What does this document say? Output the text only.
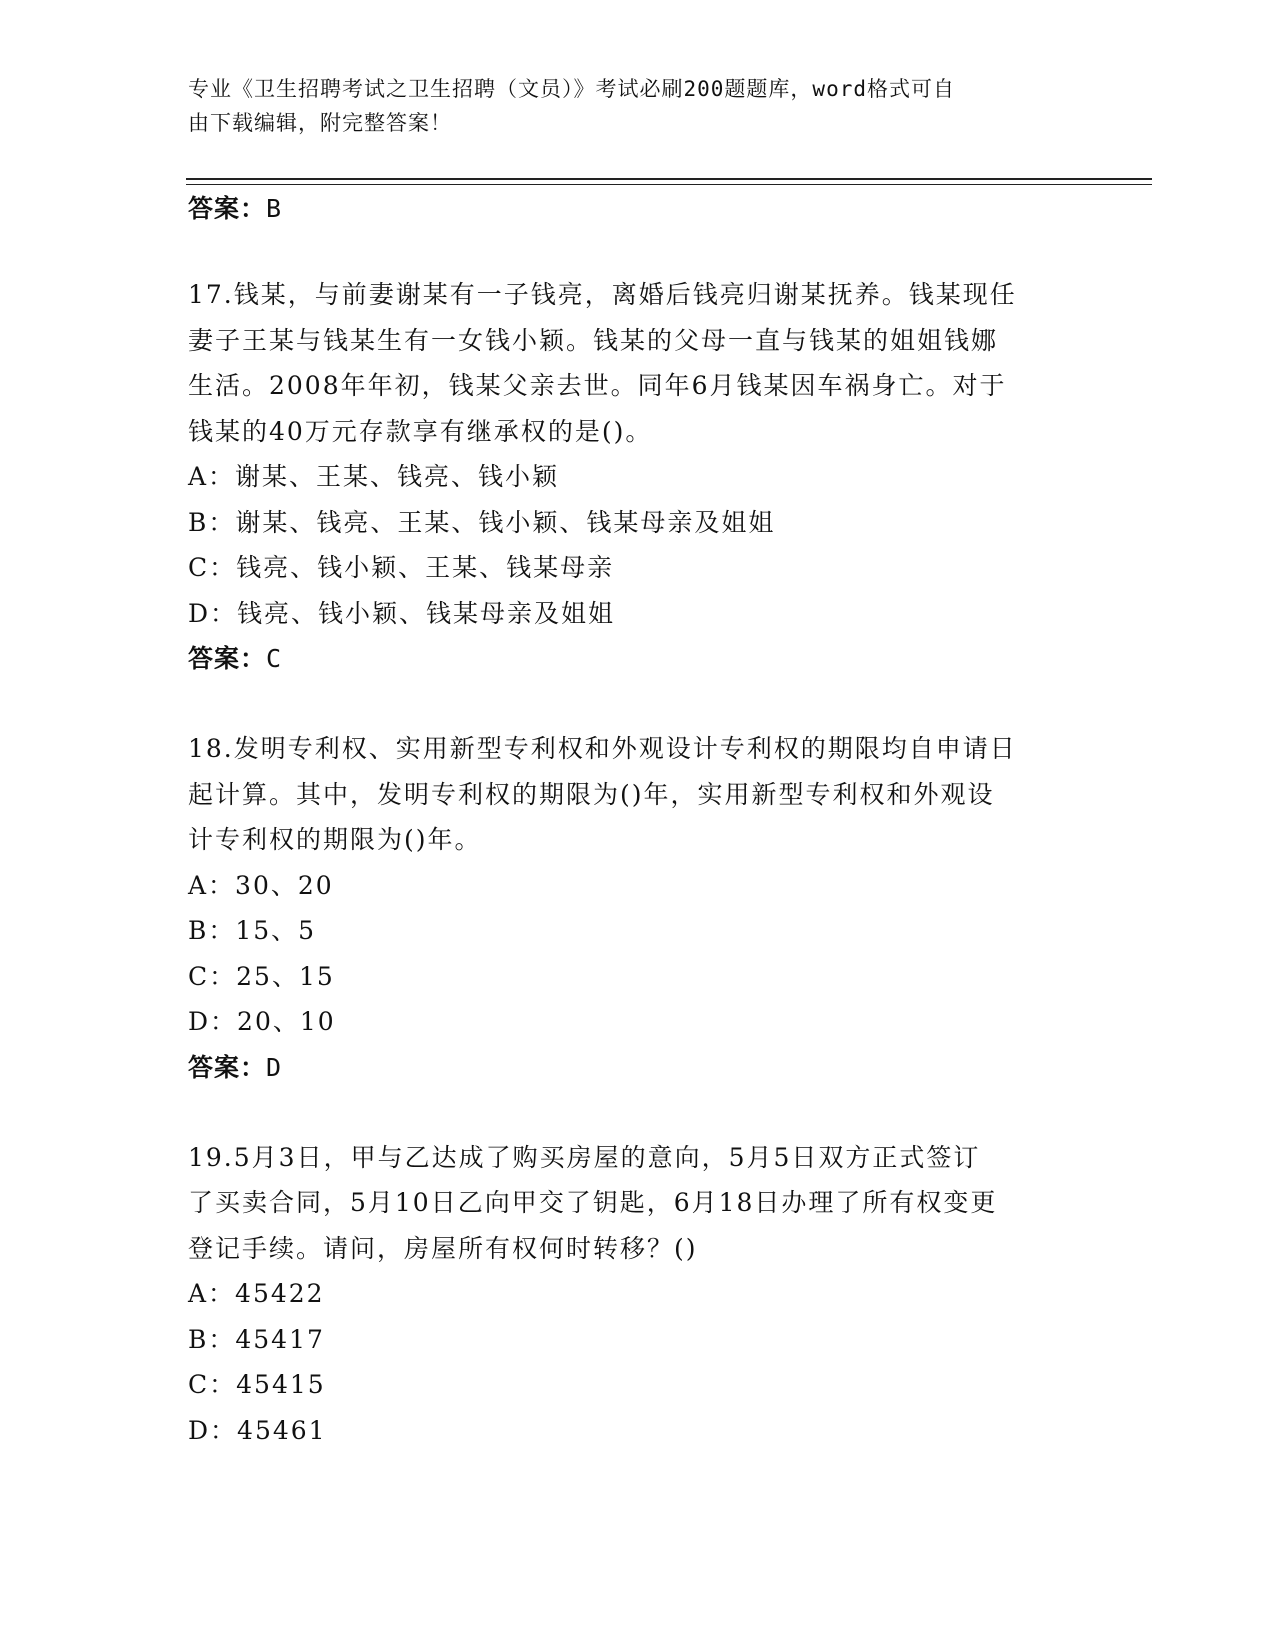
专业《卫生招聘考试之卫生招聘（文员）》考试必刷200题题库，word格式可自
由下载编辑，附完整答案！
答案：B
17.钱某，与前妻谢某有一子钱亮，离婚后钱亮归谢某抚养。钱某现任
妻子王某与钱某生有一女钱小颖。钱某的父母一直与钱某的姐姐钱娜
生活。2008年年初，钱某父亲去世。同年6月钱某因车祸身亡。对于
钱某的40万元存款享有继承权的是()。
A：谢某、王某、钱亮、钱小颖
B：谢某、钱亮、王某、钱小颖、钱某母亲及姐姐
C：钱亮、钱小颖、王某、钱某母亲
D：钱亮、钱小颖、钱某母亲及姐姐
答案：C
18.发明专利权、实用新型专利权和外观设计专利权的期限均自申请日
起计算。其中，发明专利权的期限为()年，实用新型专利权和外观设
计专利权的期限为()年。
A：30、20
B：15、5
C：25、15
D：20、10
答案：D
19.5月3日，甲与乙达成了购买房屋的意向，5月5日双方正式签订
了买卖合同，5月10日乙向甲交了钥匙，6月18日办理了所有权变更
登记手续。请问，房屋所有权何时转移？()
A：45422
B：45417
C：45415
D：45461
